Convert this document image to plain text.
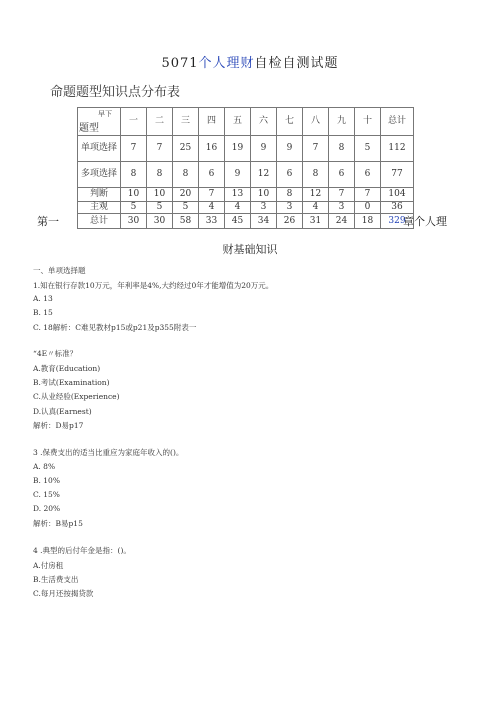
5071个人理财自检自测试题
命题题型知识点分布表
早下
题型	一	二	三	四	五	六	七	八	九	十	总计
单项选择	7	7	25	16	19	9	9	7	8	5	112
多项选择	8	8	8	6	9	12	6	8	6	6	77
判断	10	10	20	7	13	10	8	12	7	7	104
主观	5	5	5	4	4	3	3	4	3	0	36
总计	30	30	58	33	45	34	26	31	24	18	329
第一	章个人理
财基础知识
一、单项选择题
1.知在银行存款10万元，年利率是4%,大约经过0年才能增值为20万元。
A. 13
B. 15
C. 18解析：C难见教材p15或p21及p355附表一
“4E〃标准？
A.教育(Education)
B.考试(Examination)
C.从业经验(Experience)
D.认真(Earnest)
解析：D易p17
3 .保费支出的适当比重应为家庭年收入的()。
A. 8%
B. 10%
C. 15%
D. 20%
解析：B易p15
4 .典型的后付年金是指：()。
A.付房租
B.生活费支出
C.每月还按揭贷款
